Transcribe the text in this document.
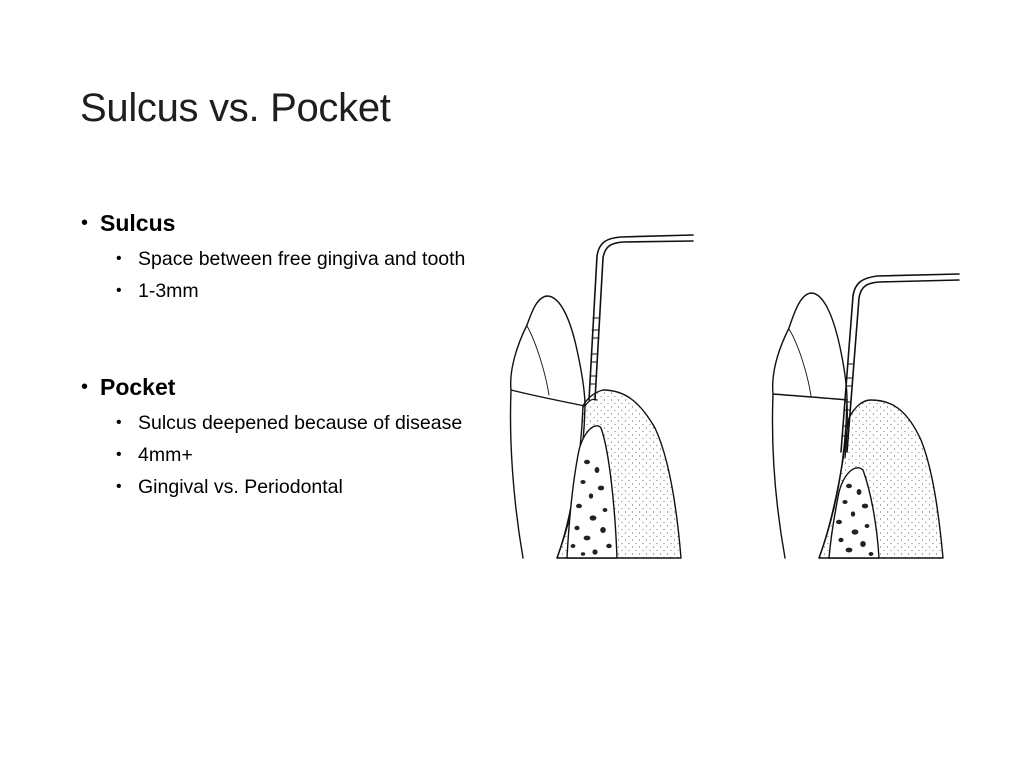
Sulcus vs. Pocket
• Sulcus
• Space between free gingiva and tooth
• 1-3mm
• Pocket
• Sulcus deepened because of disease
• 4mm+
• Gingival vs. Periodontal
